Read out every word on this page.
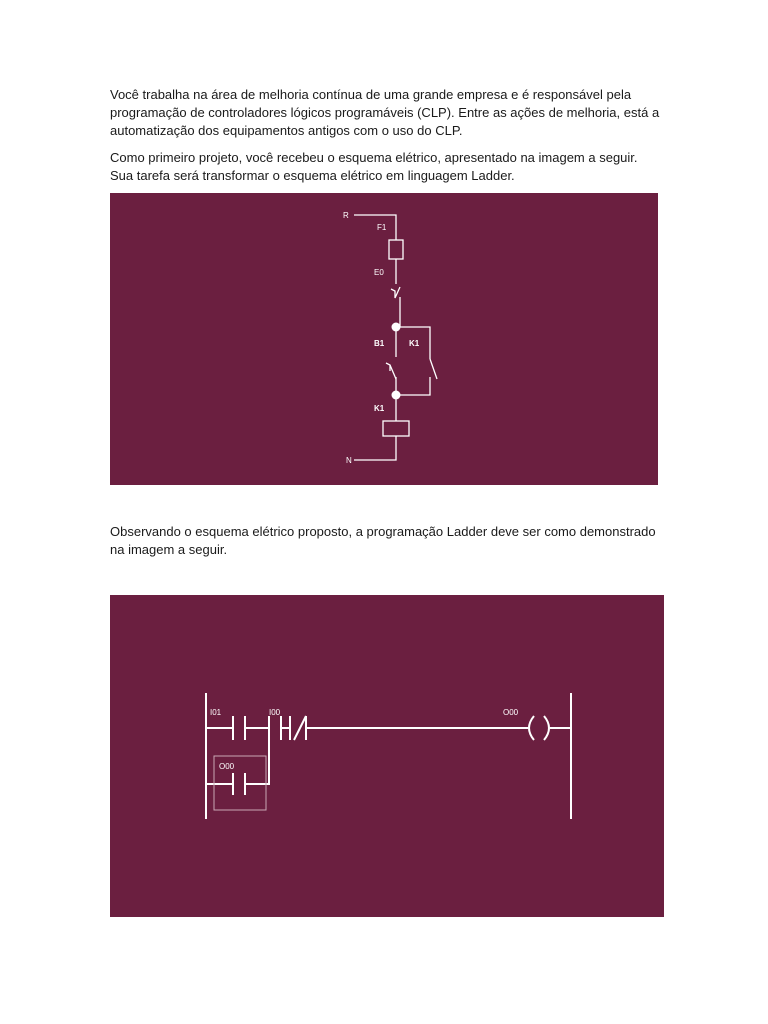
Você trabalha na área de melhoria contínua de uma grande empresa e é responsável pela
programação de controladores lógicos programáveis (CLP). Entre as ações de melhoria, está a
automatização dos equipamentos antigos com o uso do CLP.

Como primeiro projeto, você recebeu o esquema elétrico, apresentado na imagem a seguir.
Sua tarefa será transformar o esquema elétrico em linguagem Ladder.

R
F1
E0
B1	K1
K1
N

Observando o esquema elétrico proposto, a programação Ladder deve ser como demonstrado
na imagem a seguir.

I01	I00	O00
O00
